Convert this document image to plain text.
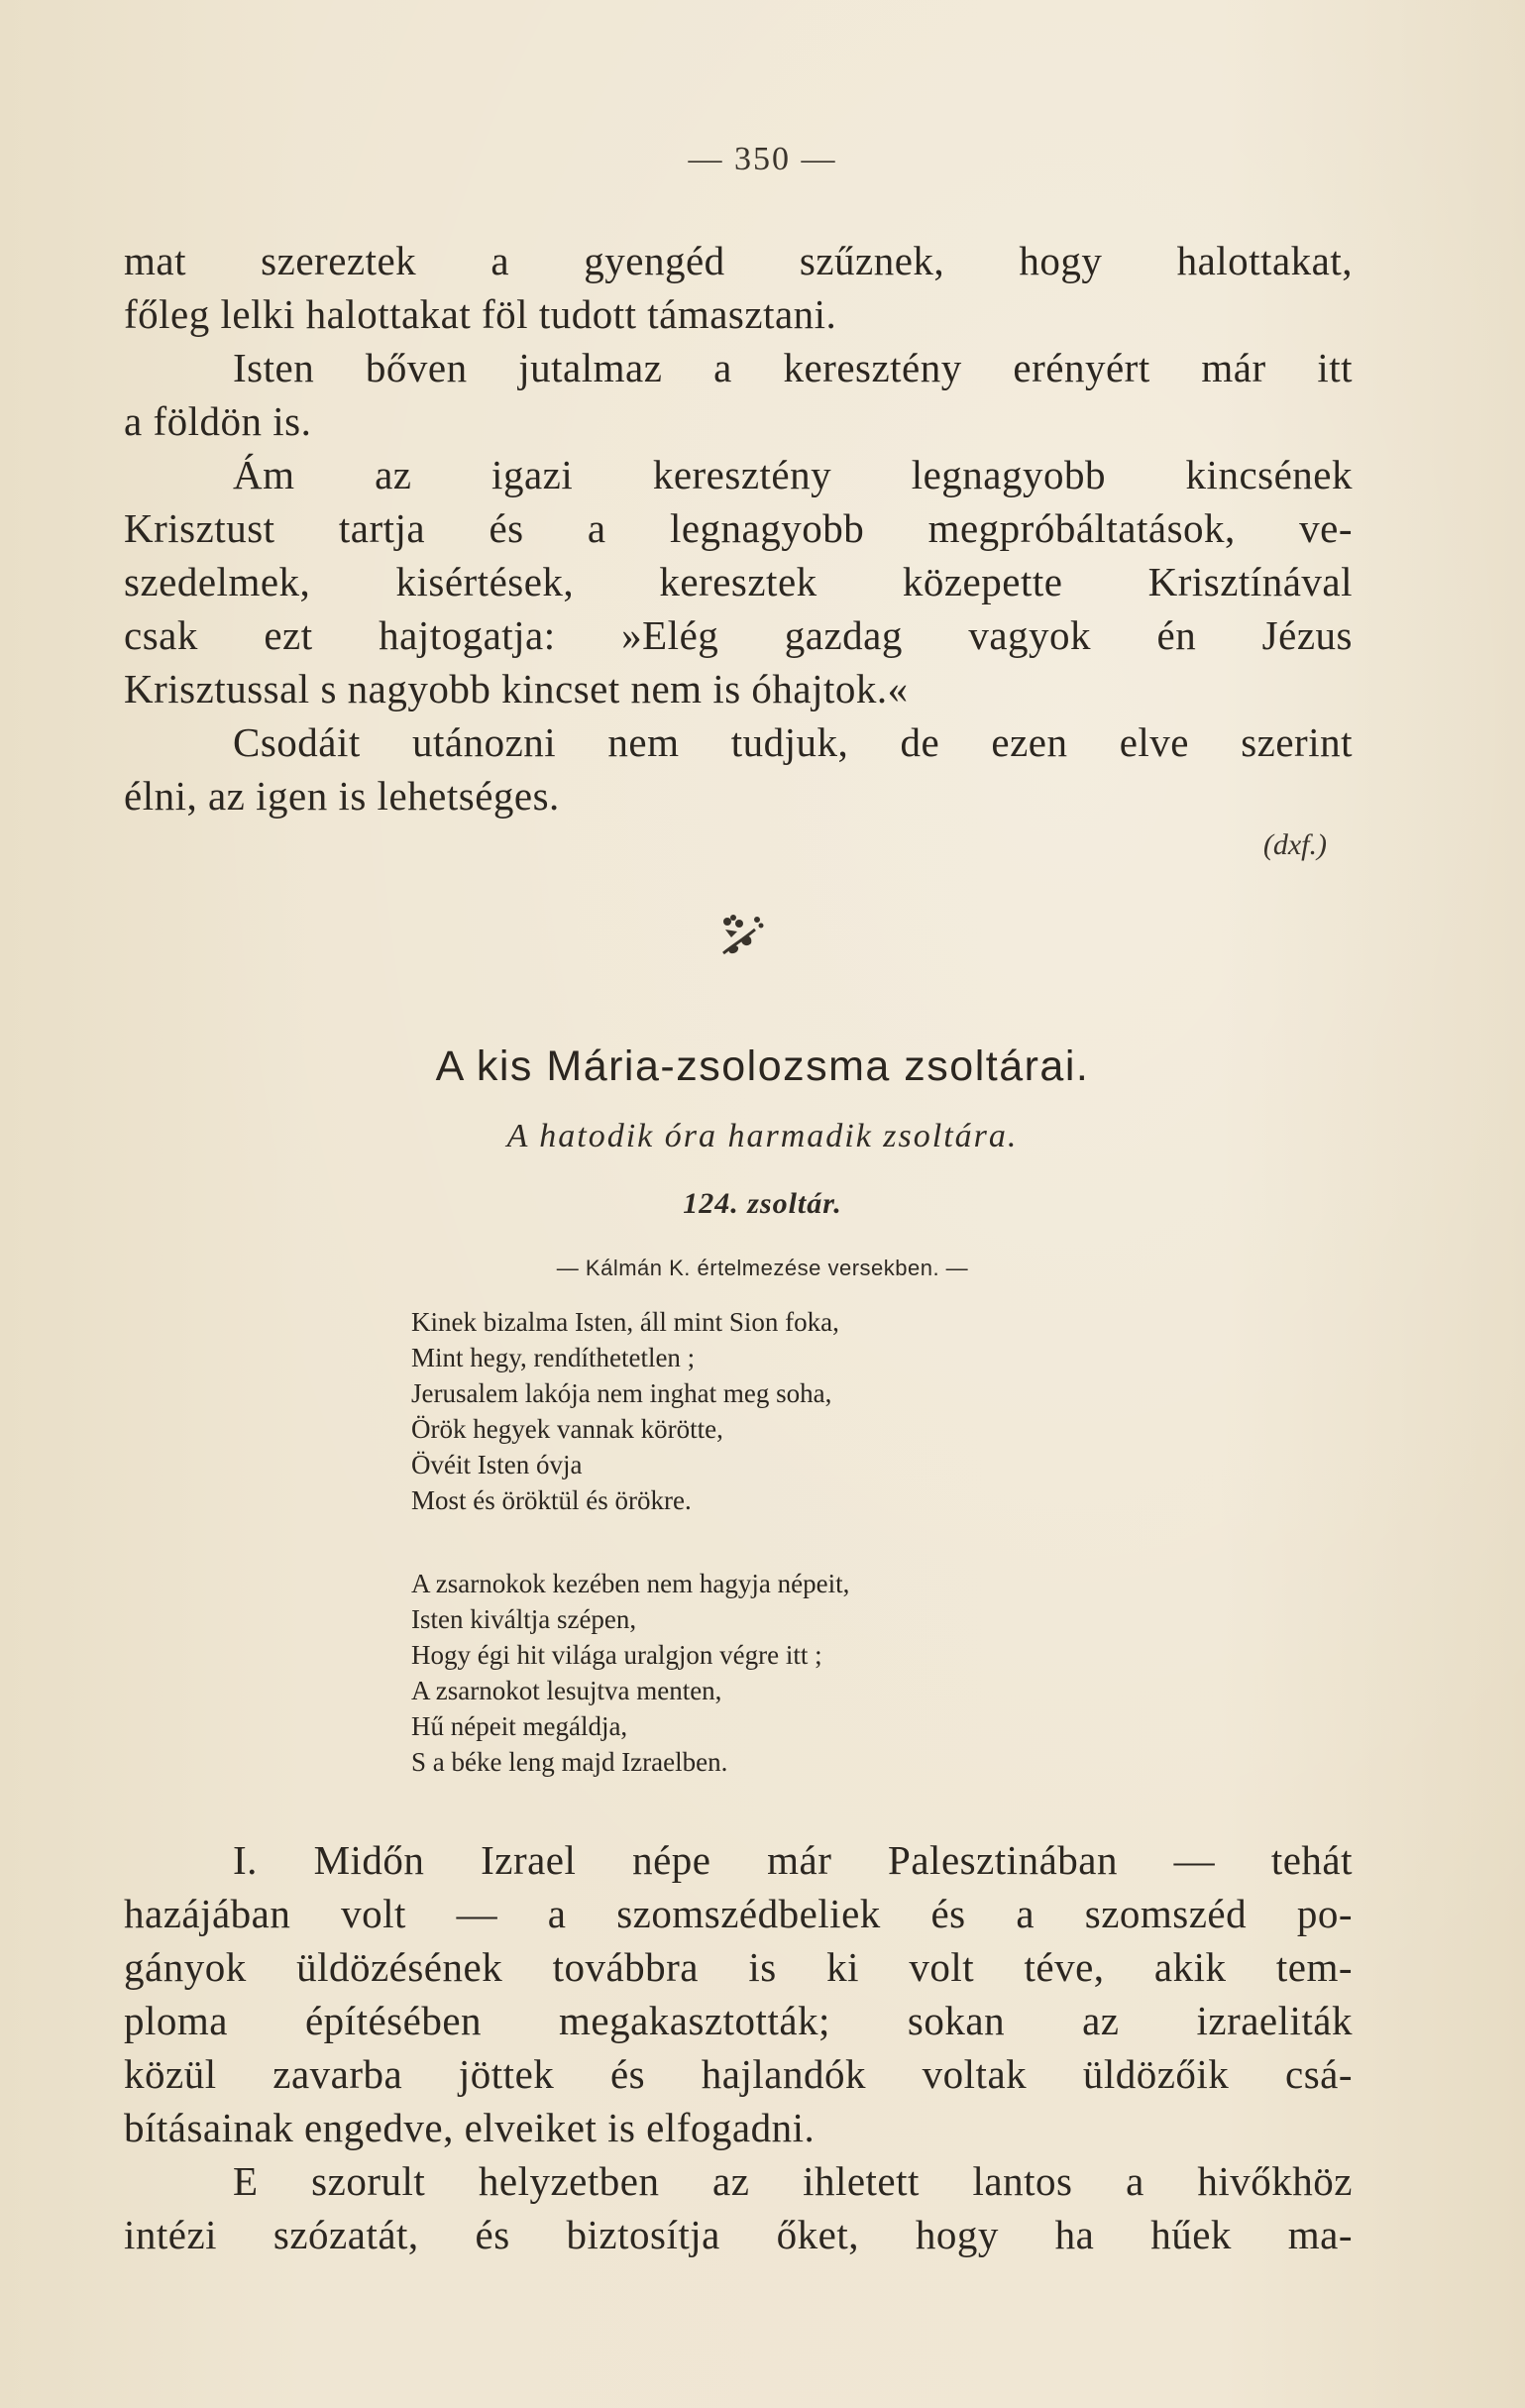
— 350 —
mat szereztek a gyengéd szűznek, hogy halottakat,
főleg lelki halottakat föl tudott támasztani.
Isten bőven jutalmaz a keresztény erényért már itt
a földön is.
Ám az igazi keresztény legnagyobb kincsének
Krisztust tartja és a legnagyobb megpróbáltatások, ve-
szedelmek, kisértések, keresztek közepette Krisztínával
csak ezt hajtogatja: »Elég gazdag vagyok én Jézus
Krisztussal s nagyobb kincset nem is óhajtok.«
Csodáit utánozni nem tudjuk, de ezen elve szerint
élni, az igen is lehetséges.
(dxf.)
A kis Mária-zsolozsma zsoltárai.
A hatodik óra harmadik zsoltára.
124. zsoltár.
— Kálmán K. értelmezése versekben. —
Kinek bizalma Isten, áll mint Sion foka,
Mint hegy, rendíthetetlen ;
Jerusalem lakója nem inghat meg soha,
Örök hegyek vannak körötte,
Övéit Isten óvja
Most és öröktül és örökre.
A zsarnokok kezében nem hagyja népeit,
Isten kiváltja szépen,
Hogy égi hit világa uralgjon végre itt ;
A zsarnokot lesujtva menten,
Hű népeit megáldja,
S a béke leng majd Izraelben.
I. Midőn Izrael népe már Palesztinában — tehát
hazájában volt — a szomszédbeliek és a szomszéd po-
gányok üldözésének továbbra is ki volt téve, akik tem-
ploma építésében megakasztották; sokan az izraeliták
közül zavarba jöttek és hajlandók voltak üldözőik csá-
bításainak engedve, elveiket is elfogadni.
E szorult helyzetben az ihletett lantos a hivőkhöz
intézi szózatát, és biztosítja őket, hogy ha hűek ma-
